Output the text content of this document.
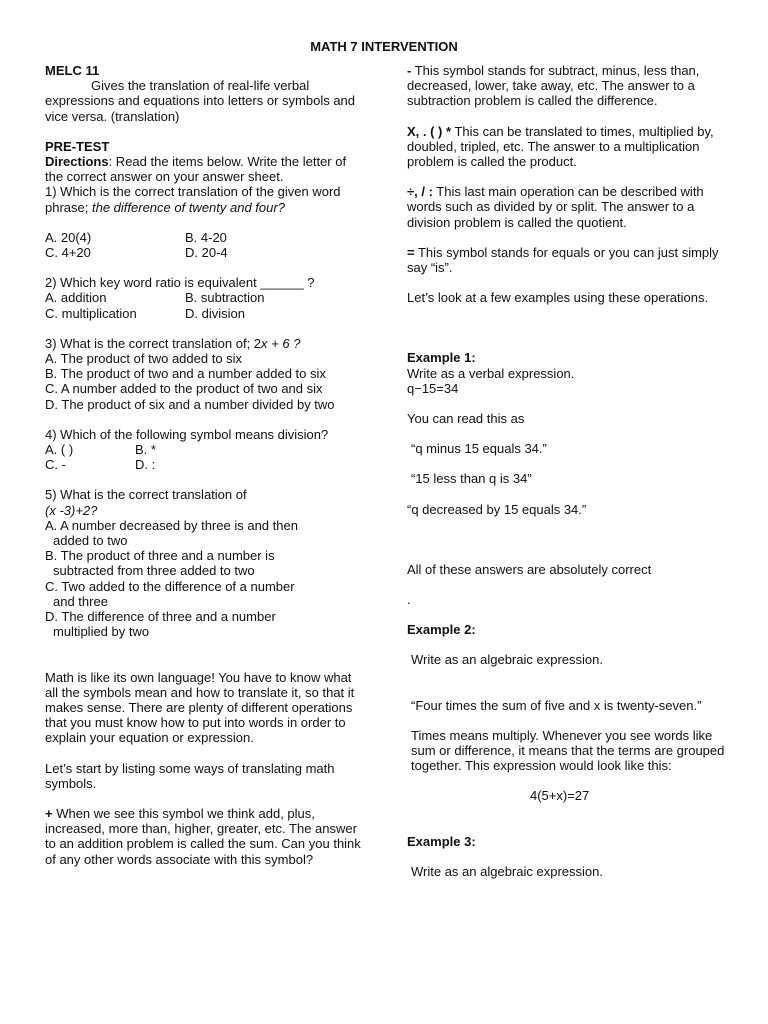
MATH 7 INTERVENTION

MELC 11

Gives the translation of real-life verbal expressions and equations into letters or symbols and vice versa. (translation)

PRE-TEST

Directions: Read the items below. Write the letter of the correct answer on your answer sheet.

1) Which is the correct translation of the given word phrase; the difference of twenty and four?

A. 20(4)	B. 4-20

C. 4+20	D. 20-4

2) Which key word ratio is equivalent ______ ?

A. addition	B. subtraction

C. multiplication	D. division

3) What is the correct translation of; 2x + 6 ?

A. The product of two added to six

B. The product of two and a number added to six

C. A number added to the product of two and six

D. The product of six and a number divided by two

4) Which of the following symbol means division?

A. ( )	B. *

C. -	D. :

5) What is the correct translation of

(x -3)+2?

A. A number decreased by three is and then

added to two

B. The product of three and a number is

subtracted from three added to two

C. Two added to the difference of a number

and three

D. The difference of three and a number

multiplied by two

Math is like its own language! You have to know what all the symbols mean and how to translate it, so that it makes sense. There are plenty of different operations that you must know how to put into words in order to explain your equation or expression.

Let’s start by listing some ways of translating math symbols.

+ When we see this symbol we think add, plus, increased, more than, higher, greater, etc. The answer to an addition problem is called the sum. Can you think of any other words associate with this symbol?

- This symbol stands for subtract, minus, less than, decreased, lower, take away, etc. The answer to a subtraction problem is called the difference.

X, . ( ) * This can be translated to times, multiplied by, doubled, tripled, etc. The answer to a multiplication problem is called the product.

÷, / : This last main operation can be described with words such as divided by or split. The answer to a division problem is called the quotient.

= This symbol stands for equals or you can just simply say “is”.

Let’s look at a few examples using these operations.

Example 1:

Write as a verbal expression.

q−15=34

You can read this as

“q minus 15 equals 34.”

“15 less than q is 34”

“q decreased by 15 equals 34.”

All of these answers are absolutely correct

.

Example 2:

Write as an algebraic expression.

“Four times the sum of five and x is twenty-seven.”

Times means multiply. Whenever you see words like sum or difference, it means that the terms are grouped together. This expression would look like this:

4(5+x)=27

Example 3:

Write as an algebraic expression.
